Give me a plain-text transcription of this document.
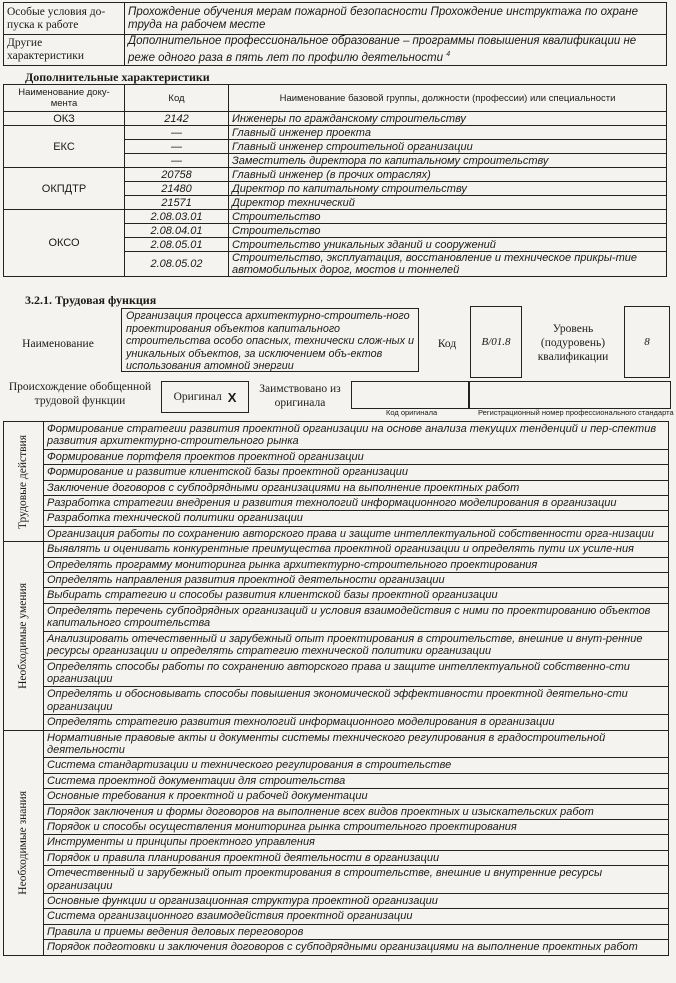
Особые условия до-пуска к работе	Прохождение обучения мерам пожарной безопасности Прохождение инструктажа по охране труда на рабочем месте
Другие характеристики	Дополнительное профессиональное образование – программы повышения квалификации не реже одного раза в пять лет по профилю деятельности $^4$
Дополнительные характеристики
Наименование доку-мента	Код	Наименование базовой группы, должности (профессии) или специальности
ОКЗ	2142	Инженеры по гражданскому строительству
ЕКС	—	Главный инженер проекта
	—	Главный инженер строительной организации
	—	Заместитель директора по капитальному строительству
ОКПДТР	20758	Главный инженер (в прочих отраслях)
	21480	Директор по капитальному строительству
	21571	Директор технический
ОКСО	2.08.03.01	Строительство
	2.08.04.01	Строительство
	2.08.05.01	Строительство уникальных зданий и сооружений
	2.08.05.02	Строительство, эксплуатация, восстановление и техническое прикры-тие автомобильных дорог, мостов и тоннелей
3.2.1. Трудовая функция
Наименование
Организация процесса архитектурно-строитель-ного проектирования объектов капитального строительства особо опасных, технически слож-ных и уникальных объектов, за исключением объ-ектов использования атомной энергии
Код	B/01.8
Уровень (подуровень) квалификации
8
Происхождение обобщенной трудовой функции	Оригинал X
Заимствовано из оригинала
Код оригинала	Регистрационный номер профессионального стандарта
Трудовые действия	Формирование стратегии развития проектной организации на основе анализа текущих тенденций и пер-спектив развития архитектурно-строительного рынка
	Формирование портфеля проектов проектной организации
	Формирование и развитие клиентской базы проектной организации
	Заключение договоров с субподрядными организациями на выполнение проектных работ
	Разработка стратегии внедрения и развития технологий информационного моделирования в организации
	Разработка технической политики организации
	Организация работы по сохранению авторского права и защите интеллектуальной собственности орга-низации

Необходимые умения	Выявлять и оценивать конкурентные преимущества проектной организации и определять пути их усиле-ния
	Определять программу мониторинга рынка архитектурно-строительного проектирования
	Определять направления развития проектной деятельности организации
	Выбирать стратегию и способы развития клиентской базы проектной организации
	Определять перечень субподрядных организаций и условия взаимодействия с ними по проектированию объектов капитального строительства
	Анализировать отечественный и зарубежный опыт проектирования в строительстве, внешние и внут-ренние ресурсы организации и определять стратегию технической политики организации
	Определять способы работы по сохранению авторского права и защите интеллектуальной собственно-сти организации
	Определять и обосновывать способы повышения экономической эффективности проектной деятельно-сти организации
	Определять стратегию развития технологий информационного моделирования в организации

Необходимые знания	Нормативные правовые акты и документы системы технического регулирования в градостроительной деятельности
	Система стандартизации и технического регулирования в строительстве
	Система проектной документации для строительства
	Основные требования к проектной и рабочей документации
	Порядок заключения и формы договоров на выполнение всех видов проектных и изыскательских работ
	Порядок и способы осуществления мониторинга рынка строительного проектирования
	Инструменты и принципы проектного управления
	Порядок и правила планирования проектной деятельности в организации
	Отечественный и зарубежный опыт проектирования в строительстве, внешние и внутренние ресурсы организации
	Основные функции и организационная структура проектной организации
	Система организационного взаимодействия проектной организации
	Правила и приемы ведения деловых переговоров
	Порядок подготовки и заключения договоров с субподрядными организациями на выполнение проектных работ
